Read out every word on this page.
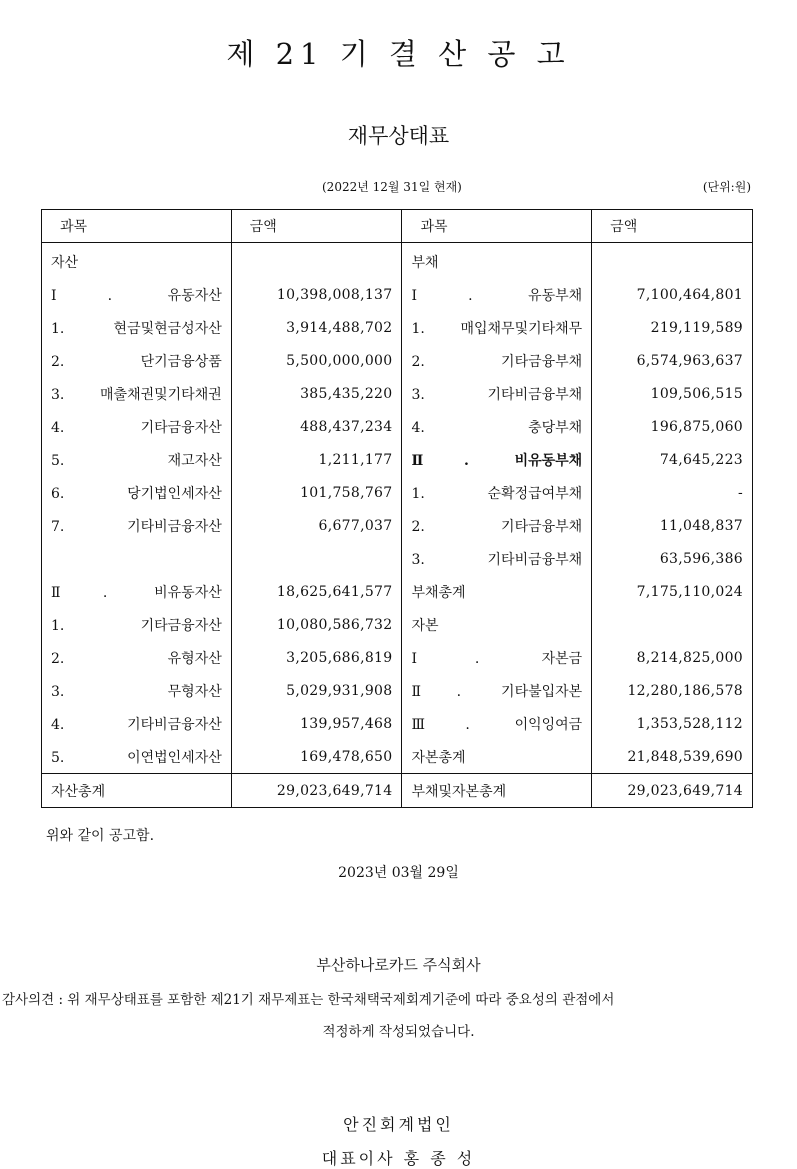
제 21 기 결 산 공 고
재무상태표
(2022년 12월 31일 현재)	(단위:원)
과목	금액	과목	금액
자산		부채	
Ⅰ. 유동자산	10,398,008,137	Ⅰ. 유동부채	7,100,464,801
1. 현금및현금성자산	3,914,488,702	1. 매입채무및기타채무	219,119,589
2. 단기금융상품	5,500,000,000	2. 기타금융부채	6,574,963,637
3. 매출채권및기타채권	385,435,220	3. 기타비금융부채	109,506,515
4. 기타금융자산	488,437,234	4. 충당부채	196,875,060
5. 재고자산	1,211,177	Ⅱ. 비유동부채	74,645,223
6. 당기법인세자산	101,758,767	1. 순확정급여부채	-
7. 기타비금융자산	6,677,037	2. 기타금융부채	11,048,837
		3. 기타비금융부채	63,596,386
Ⅱ. 비유동자산	18,625,641,577	부채총계	7,175,110,024
1. 기타금융자산	10,080,586,732	자본	
2. 유형자산	3,205,686,819	Ⅰ. 자본금	8,214,825,000
3. 무형자산	5,029,931,908	Ⅱ. 기타불입자본	12,280,186,578
4. 기타비금융자산	139,957,468	Ⅲ. 이익잉여금	1,353,528,112
5. 이연법인세자산	169,478,650	자본총계	21,848,539,690
자산총계	29,023,649,714	부채및자본총계	29,023,649,714
위와 같이 공고함.
2023년 03월 29일
부산하나로카드 주식회사
감사의견 : 위 재무상태표를 포함한 제21기 재무제표는 한국채택국제회계기준에 따라 중요성의 관점에서
적정하게 작성되었습니다.
안진회계법인
대표이사 홍 종 성
